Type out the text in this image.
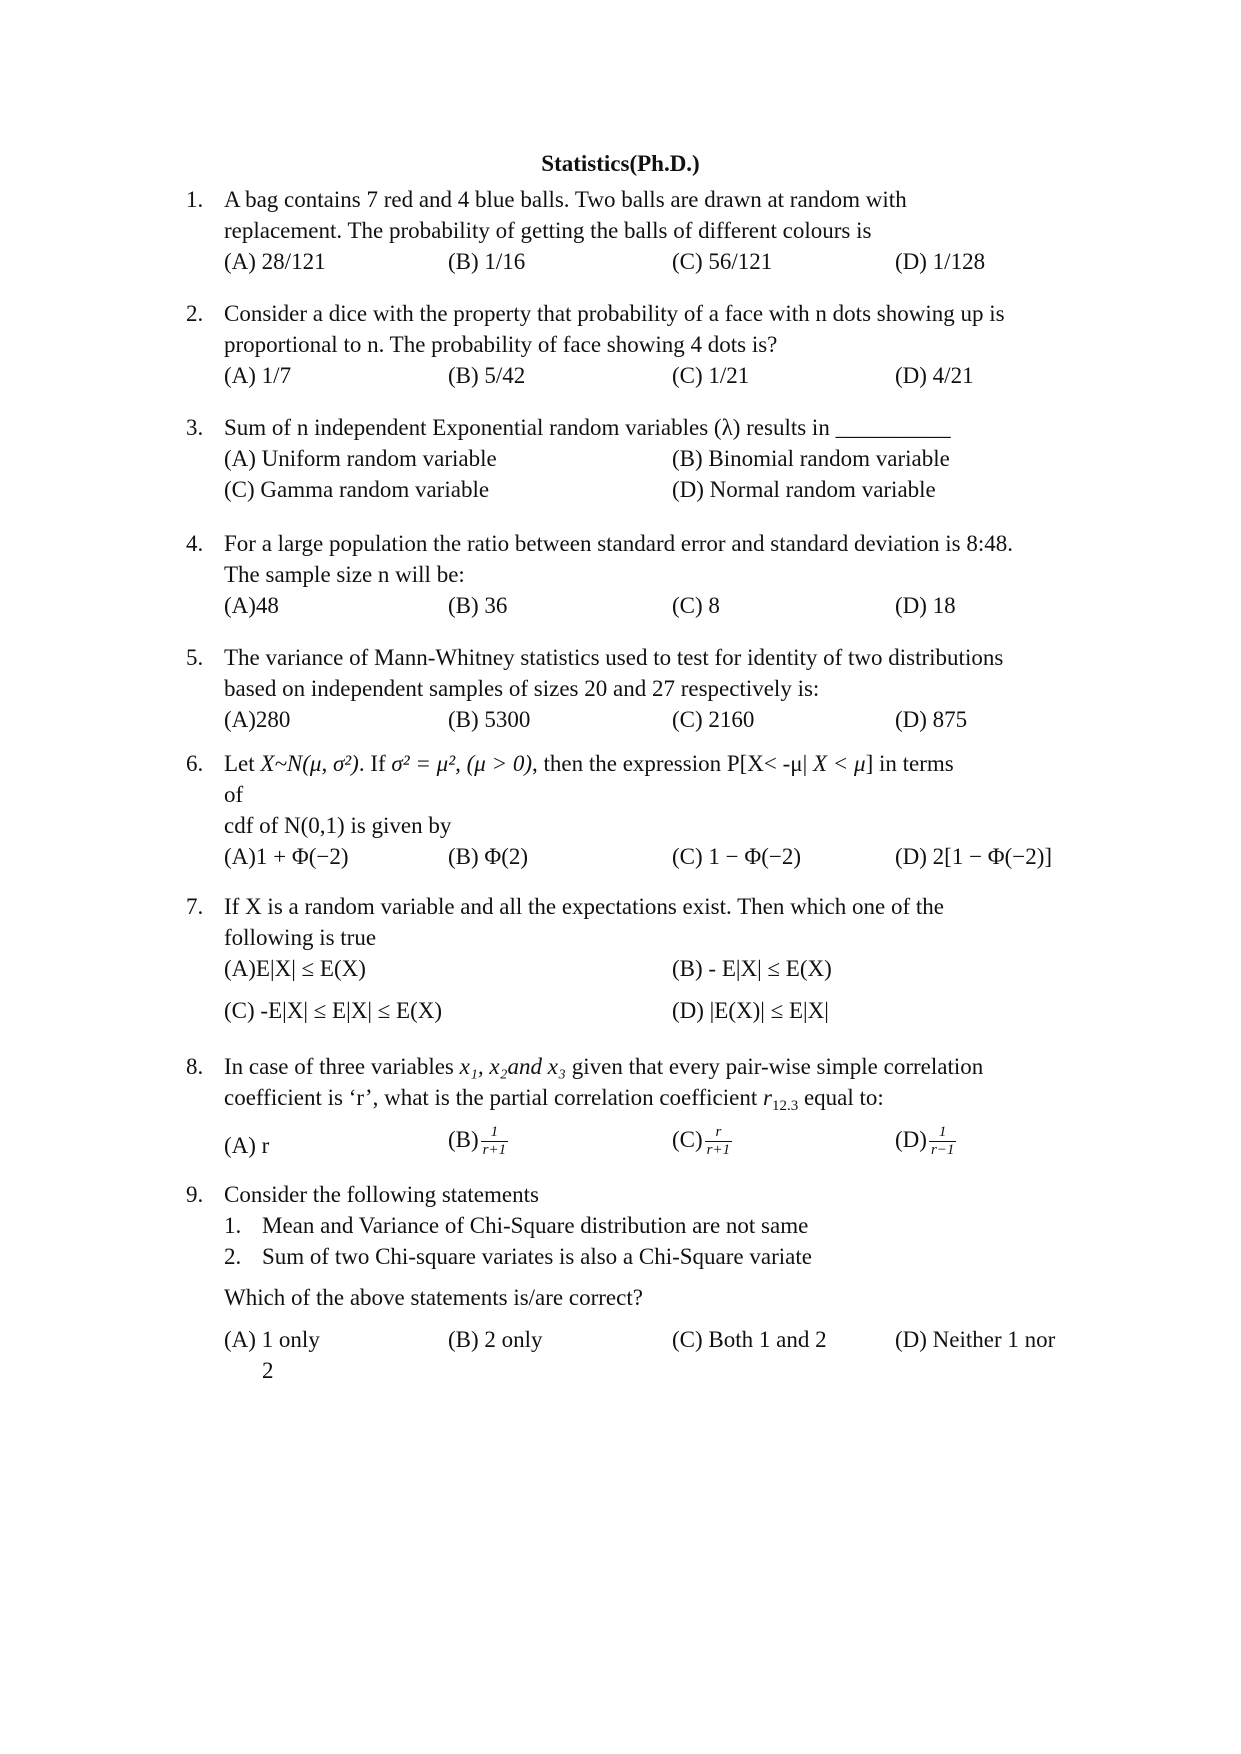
Statistics(Ph.D.)
1. A bag contains 7 red and 4 blue balls. Two balls are drawn at random with
replacement. The probability of getting the balls of different colours is
(A) 28/121	(B) 1/16	(C) 56/121	(D) 1/128
2. Consider a dice with the property that probability of a face with n dots showing up is
proportional to n. The probability of face showing 4 dots is?
(A) 1/7	(B) 5/42	(C) 1/21	(D) 4/21
3. Sum of n independent Exponential random variables (λ) results in __________
(A) Uniform random variable	(B) Binomial random variable
(C) Gamma random variable	(D) Normal random variable
4. For a large population the ratio between standard error and standard deviation is 8:48.
The sample size n will be:
(A)48	(B) 36	(C) 8	(D) 18
5. The variance of Mann-Whitney statistics used to test for identity of two distributions
based on independent samples of sizes 20 and 27 respectively is:
(A)280	(B) 5300	(C) 2160	(D) 875
6. Let X~N(μ, σ²). If σ² = μ², (μ > 0), then the expression P[X< -μ| X < μ] in terms
of
cdf of N(0,1) is given by
(A)1 + Φ(−2)	(B) Φ(2)	(C) 1 − Φ(−2)	(D) 2[1 − Φ(−2)]
7. If X is a random variable and all the expectations exist. Then which one of the
following is true
(A)E|X| ≤ E(X)	(B) - E|X| ≤ E(X)
(C) -E|X| ≤ E|X| ≤ E(X)	(D) |E(X)| ≤ E|X|
8. In case of three variables x₁, x₂and x₃ given that every pair-wise simple correlation
coefficient is ‘r’, what is the partial correlation coefficient $r_{12.3}$ equal to:
(A) r	$(B) \frac{1}{r+1}$	$(C) \frac{r}{r+1}$	$(D) \frac{1}{r-1}$
9. Consider the following statements
1. Mean and Variance of Chi-Square distribution are not same
2. Sum of two Chi-square variates is also a Chi-Square variate
Which of the above statements is/are correct?
(A) 1 only	(B) 2 only	(C) Both 1 and 2	(D) Neither 1 nor
2
